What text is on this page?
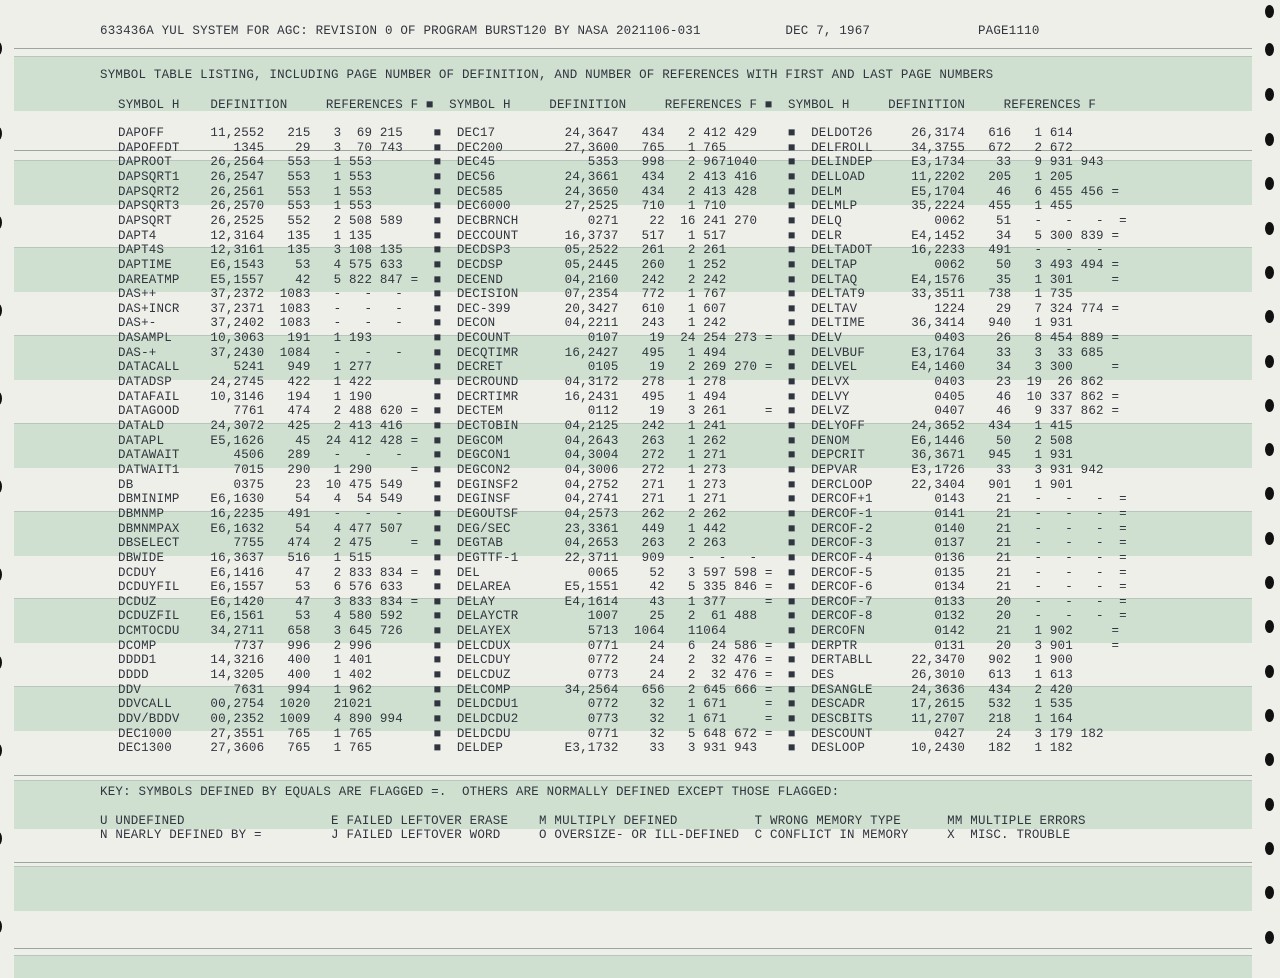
633436A YUL SYSTEM FOR AGC: REVISION 0 OF PROGRAM BURST120 BY NASA 2021106-031           DEC 7, 1967              PAGE1110
SYMBOL TABLE LISTING, INCLUDING PAGE NUMBER OF DEFINITION, AND NUMBER OF REFERENCES WITH FIRST AND LAST PAGE NUMBERS
SYMBOL H    DEFINITION     REFERENCES F ■  SYMBOL H     DEFINITION     REFERENCES F ■  SYMBOL H     DEFINITION     REFERENCES F
DAPOFF      11,2552   215   3  69 215    ■  DEC17         24,3647   434   2 412 429    ■  DELDOT26     26,3174   616   1 614
DAPOFFDT       1345    29   3  70 743    ■  DEC200        27,3600   765   1 765        ■  DELFROLL     34,3755   672   2 672
DAPROOT     26,2564   553   1 553        ■  DEC45            5353   998   2 9671040    ■  DELINDEP     E3,1734    33   9 931 943
DAPSQRT1    26,2547   553   1 553        ■  DEC56         24,3661   434   2 413 416    ■  DELLOAD      11,2202   205   1 205
DAPSQRT2    26,2561   553   1 553        ■  DEC585        24,3650   434   2 413 428    ■  DELM         E5,1704    46   6 455 456 =
DAPSQRT3    26,2570   553   1 553        ■  DEC6000       27,2525   710   1 710        ■  DELMLP       35,2224   455   1 455
DAPSQRT     26,2525   552   2 508 589    ■  DECBRNCH         0271    22  16 241 270    ■  DELQ            0062    51   -   -   -  =
DAPT4       12,3164   135   1 135        ■  DECCOUNT      16,3737   517   1 517        ■  DELR         E4,1452    34   5 300 839 =
DAPT4S      12,3161   135   3 108 135    ■  DECDSP3       05,2522   261   2 261        ■  DELTADOT     16,2233   491   -   -   -
DAPTIME     E6,1543    53   4 575 633    ■  DECDSP        05,2445   260   1 252        ■  DELTAP          0062    50   3 493 494 =
DAREATMP    E5,1557    42   5 822 847 =  ■  DECEND        04,2160   242   2 242        ■  DELTAQ       E4,1576    35   1 301     =
DAS++       37,2372  1083   -   -   -    ■  DECISION      07,2354   772   1 767        ■  DELTAT9      33,3511   738   1 735
DAS+INCR    37,2371  1083   -   -   -    ■  DEC-399       20,3427   610   1 607        ■  DELTAV          1224    29   7 324 774 =
DAS+-       37,2402  1083   -   -   -    ■  DECON         04,2211   243   1 242        ■  DELTIME      36,3414   940   1 931
DASAMPL     10,3063   191   1 193        ■  DECOUNT          0107    19  24 254 273 =  ■  DELV            0403    26   8 454 889 =
DAS-+       37,2430  1084   -   -   -    ■  DECQTIMR      16,2427   495   1 494        ■  DELVBUF      E3,1764    33   3  33 685
DATACALL       5241   949   1 277        ■  DECRET           0105    19   2 269 270 =  ■  DELVEL       E4,1460    34   3 300     =
DATADSP     24,2745   422   1 422        ■  DECROUND      04,3172   278   1 278        ■  DELVX           0403    23  19  26 862
DATAFAIL    10,3146   194   1 190        ■  DECRTIMR      16,2431   495   1 494        ■  DELVY           0405    46  10 337 862 =
DATAGOOD       7761   474   2 488 620 =  ■  DECTEM           0112    19   3 261     =  ■  DELVZ           0407    46   9 337 862 =
DATALD      24,3072   425   2 413 416    ■  DECTOBIN      04,2125   242   1 241        ■  DELYOFF      24,3652   434   1 415
DATAPL      E5,1626    45  24 412 428 =  ■  DEGCOM        04,2643   263   1 262        ■  DENOM        E6,1446    50   2 508
DATAWAIT       4506   289   -   -   -    ■  DEGCON1       04,3004   272   1 271        ■  DEPCRIT      36,3671   945   1 931
DATWAIT1       7015   290   1 290     =  ■  DEGCON2       04,3006   272   1 273        ■  DEPVAR       E3,1726    33   3 931 942
DB             0375    23  10 475 549    ■  DEGINSF2      04,2752   271   1 273        ■  DERCLOOP     22,3404   901   1 901
DBMINIMP    E6,1630    54   4  54 549    ■  DEGINSF       04,2741   271   1 271        ■  DERCOF+1        0143    21   -   -   -  =
DBMNMP      16,2235   491   -   -   -    ■  DEGOUTSF      04,2573   262   2 262        ■  DERCOF-1        0141    21   -   -   -  =
DBMNMPAX    E6,1632    54   4 477 507    ■  DEG/SEC       23,3361   449   1 442        ■  DERCOF-2        0140    21   -   -   -  =
DBSELECT       7755   474   2 475     =  ■  DEGTAB        04,2653   263   2 263        ■  DERCOF-3        0137    21   -   -   -  =
DBWIDE      16,3637   516   1 515        ■  DEGTTF-1      22,3711   909   -   -   -    ■  DERCOF-4        0136    21   -   -   -  =
DCDUY       E6,1416    47   2 833 834 =  ■  DEL              0065    52   3 597 598 =  ■  DERCOF-5        0135    21   -   -   -  =
DCDUYFIL    E6,1557    53   6 576 633    ■  DELAREA       E5,1551    42   5 335 846 =  ■  DERCOF-6        0134    21   -   -   -  =
DCDUZ       E6,1420    47   3 833 834 =  ■  DELAY         E4,1614    43   1 377     =  ■  DERCOF-7        0133    20   -   -   -  =
DCDUZFIL    E6,1561    53   4 580 592    ■  DELAYCTR         1007    25   2  61 488    ■  DERCOF-8        0132    20   -   -   -  =
DCMTOCDU    34,2711   658   3 645 726    ■  DELAYEX          5713  1064   11064        ■  DERCOFN         0142    21   1 902     =
DCOMP          7737   996   2 996        ■  DELCDUX          0771    24   6  24 586 =  ■  DERPTR          0131    20   3 901     =
DDDD1       14,3216   400   1 401        ■  DELCDUY          0772    24   2  32 476 =  ■  DERTABLL     22,3470   902   1 900
DDDD        14,3205   400   1 402        ■  DELCDUZ          0773    24   2  32 476 =  ■  DES          26,3010   613   1 613
DDV            7631   994   1 962        ■  DELCOMP       34,2564   656   2 645 666 =  ■  DESANGLE     24,3636   434   2 420
DDVCALL     00,2754  1020   21021        ■  DELDCDU1         0772    32   1 671     =  ■  DESCADR      17,2615   532   1 535
DDV/BDDV    00,2352  1009   4 890 994    ■  DELDCDU2         0773    32   1 671     =  ■  DESCBITS     11,2707   218   1 164
DEC1000     27,3551   765   1 765        ■  DELDCDU          0771    32   5 648 672 =  ■  DESCOUNT        0427    24   3 179 182
DEC1300     27,3606   765   1 765        ■  DELDEP        E3,1732    33   3 931 943    ■  DESLOOP      10,2430   182   1 182
KEY: SYMBOLS DEFINED BY EQUALS ARE FLAGGED =.  OTHERS ARE NORMALLY DEFINED EXCEPT THOSE FLAGGED:
U UNDEFINED                   E FAILED LEFTOVER ERASE    M MULTIPLY DEFINED          T WRONG MEMORY TYPE      MM MULTIPLE ERRORS
N NEARLY DEFINED BY =         J FAILED LEFTOVER WORD     O OVERSIZE- OR ILL-DEFINED  C CONFLICT IN MEMORY     X  MISC. TROUBLE
